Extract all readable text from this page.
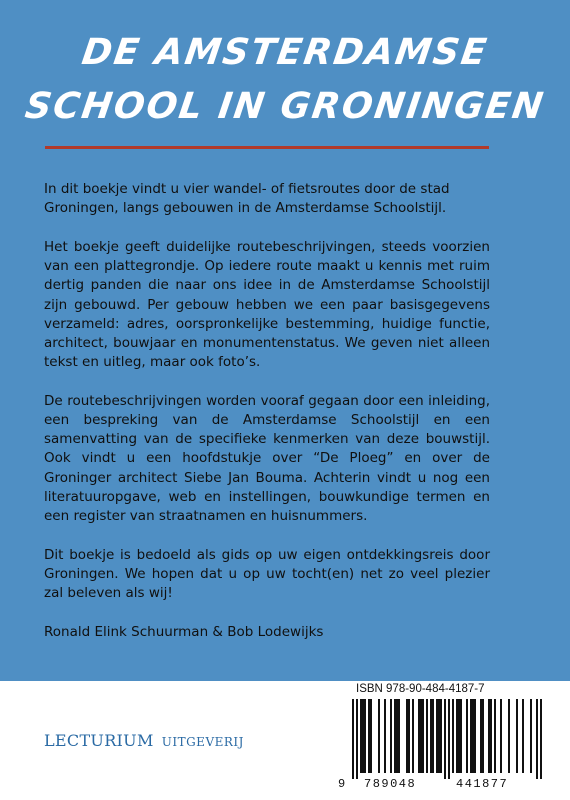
DE AMSTERDAMSE
SCHOOL IN GRONINGEN

In dit boekje vindt u vier wandel- of fietsroutes door de stad Groningen, langs gebouwen in de Amsterdamse Schoolstijl.

Het boekje geeft duidelijke routebeschrijvingen, steeds voorzien van een plattegrondje. Op iedere route maakt u kennis met ruim dertig panden die naar ons idee in de Amsterdamse Schoolstijl zijn gebouwd. Per gebouw hebben we een paar basisgegevens verzameld: adres, oorspronkelijke bestemming, huidige functie, architect, bouwjaar en monumentenstatus. We geven niet alleen tekst en uitleg, maar ook foto’s.

De routebeschrijvingen worden vooraf gegaan door een inleiding, een bespreking van de Amsterdamse Schoolstijl en een samenvatting van de specifieke kenmerken van deze bouwstijl. Ook vindt u een hoofdstukje over “De Ploeg” en over de Groninger architect Siebe Jan Bouma. Achterin vindt u nog een literatuuropgave, web en instellingen, bouwkundige termen en een register van straatnamen en huisnummers.

Dit boekje is bedoeld als gids op uw eigen ontdekkingsreis door Groningen. We hopen dat u op uw tocht(en) net zo veel plezier zal beleven als wij!

Ronald Elink Schuurman & Bob Lodewijks

LECTURIUM UITGEVERIJ
ISBN 978-90-484-4187-7
9 789048	441877
